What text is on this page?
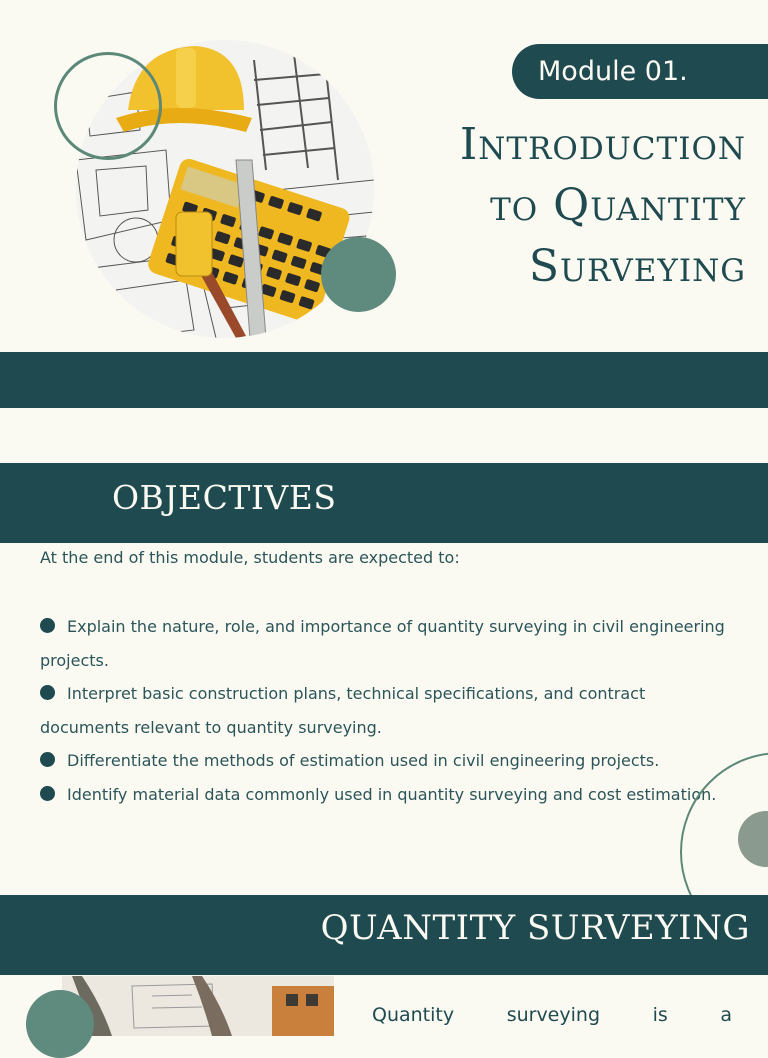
Module 01.
Introduction
to Quantity
Surveying
OBJECTIVES
At the end of this module, students are expected to:
Explain the nature, role, and importance of quantity surveying in civil engineering projects.
Interpret basic construction plans, technical specifications, and contract documents relevant to quantity surveying.
Differentiate the methods of estimation used in civil engineering projects.
Identify material data commonly used in quantity surveying and cost estimation.
QUANTITY SURVEYING
Quantity	surveying	is	a
